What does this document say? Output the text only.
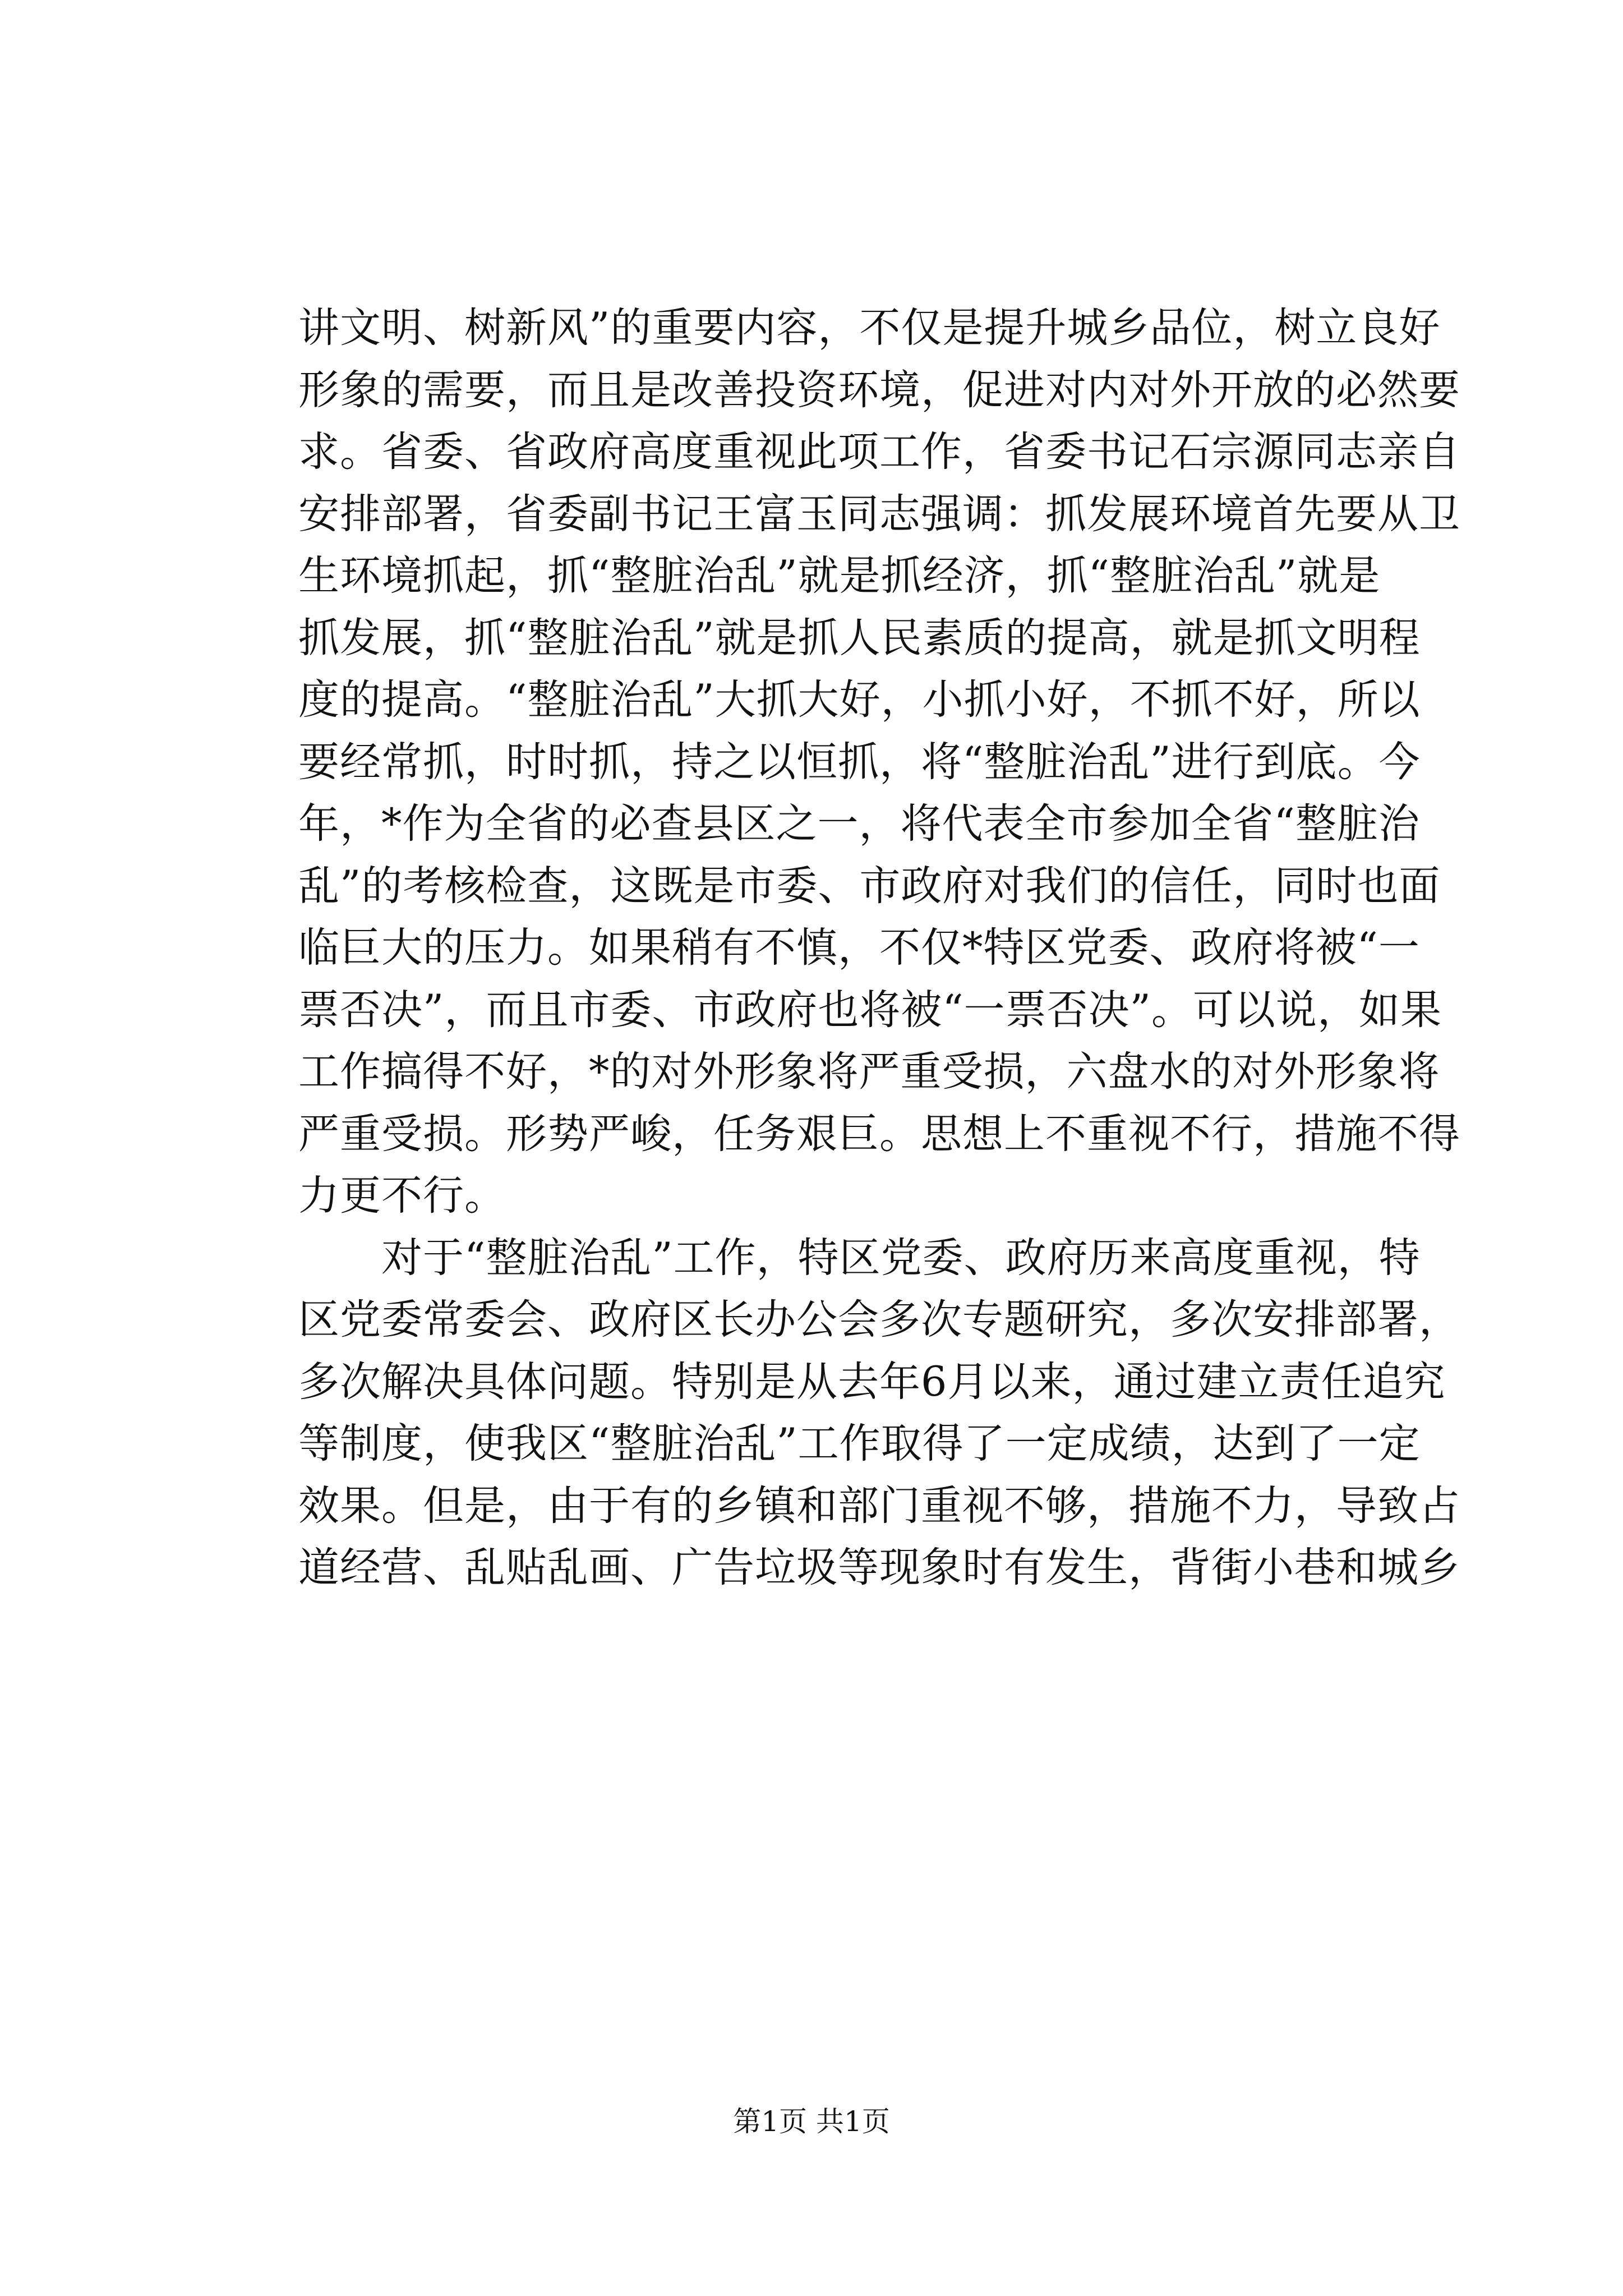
讲文明、树新风”的重要内容，不仅是提升城乡品位，树立良好
形象的需要，而且是改善投资环境，促进对内对外开放的必然要
求。省委、省政府高度重视此项工作，省委书记石宗源同志亲自
安排部署，省委副书记王富玉同志强调：抓发展环境首先要从卫
生环境抓起，抓“整脏治乱”就是抓经济，抓“整脏治乱”就是
抓发展，抓“整脏治乱”就是抓人民素质的提高，就是抓文明程
度的提高。“整脏治乱”大抓大好，小抓小好，不抓不好，所以
要经常抓，时时抓，持之以恒抓，将“整脏治乱”进行到底。今
年，*作为全省的必查县区之一，将代表全市参加全省“整脏治
乱”的考核检查，这既是市委、市政府对我们的信任，同时也面
临巨大的压力。如果稍有不慎，不仅*特区党委、政府将被“一
票否决”，而且市委、市政府也将被“一票否决”。可以说，如果
工作搞得不好，*的对外形象将严重受损，六盘水的对外形象将
严重受损。形势严峻，任务艰巨。思想上不重视不行，措施不得
力更不行。
对于“整脏治乱”工作，特区党委、政府历来高度重视，特
区党委常委会、政府区长办公会多次专题研究，多次安排部署，
多次解决具体问题。特别是从去年6月以来，通过建立责任追究
等制度，使我区“整脏治乱”工作取得了一定成绩，达到了一定
效果。但是，由于有的乡镇和部门重视不够，措施不力，导致占
道经营、乱贴乱画、广告垃圾等现象时有发生，背街小巷和城乡
第1页 共1页
